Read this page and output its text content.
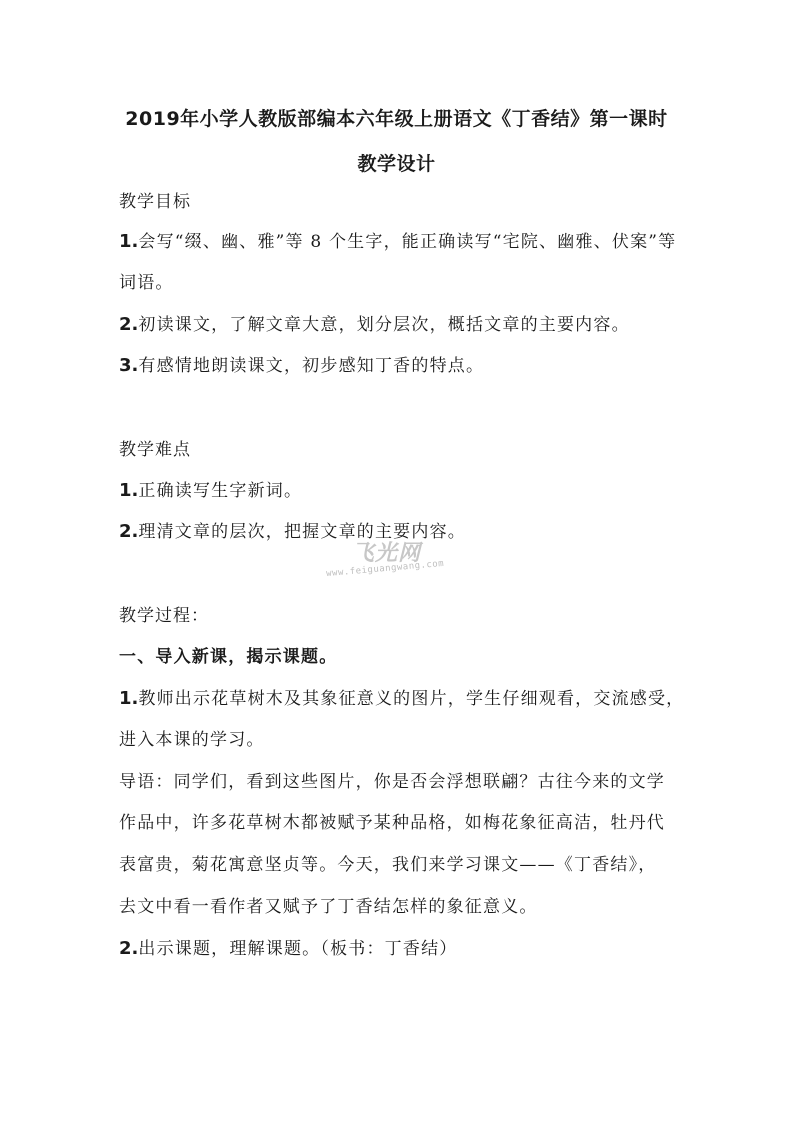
2019年小学人教版部编本六年级上册语文《丁香结》第一课时
教学设计
教学目标
1.会写“缀、幽、雅”等 8 个生字，能正确读写“宅院、幽雅、伏案”等
词语。
2.初读课文，了解文章大意，划分层次，概括文章的主要内容。
3.有感情地朗读课文，初步感知丁香的特点。
教学难点
1.正确读写生字新词。
2.理清文章的层次，把握文章的主要内容。
飞光网
www.feiguangwang.com
教学过程：
一、导入新课，揭示课题。
1.教师出示花草树木及其象征意义的图片，学生仔细观看，交流感受，
进入本课的学习。
导语：同学们，看到这些图片，你是否会浮想联翩？古往今来的文学
作品中，许多花草树木都被赋予某种品格，如梅花象征高洁，牡丹代
表富贵，菊花寓意坚贞等。今天，我们来学习课文——《丁香结》，
去文中看一看作者又赋予了丁香结怎样的象征意义。
2.出示课题，理解课题。（板书：丁香结）
